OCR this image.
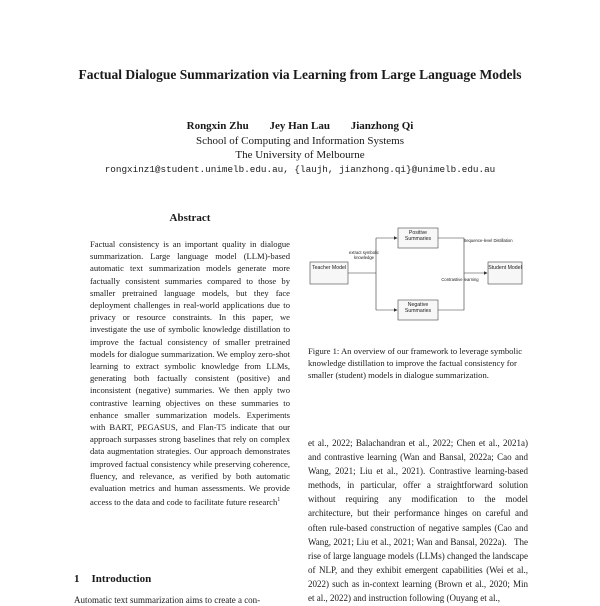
Factual Dialogue Summarization via Learning from Large Language Models
Rongxin Zhu Jey Han Lau Jianzhong Qi
School of Computing and Information Systems
The University of Melbourne
rongxinz1@student.unimelb.edu.au, {laujh, jianzhong.qi}@unimelb.edu.au
Abstract
Factual consistency is an important quality in dialogue summarization. Large language model (LLM)-based automatic text summarization models generate more factually consistent summaries compared to those by smaller pretrained language models, but they face deployment challenges in real-world applications due to privacy or resource constraints. In this paper, we investigate the use of symbolic knowledge distillation to improve the factual consistency of smaller pretrained models for dialogue summarization. We employ zero-shot learning to extract symbolic knowledge from LLMs, generating both factually consistent (positive) and inconsistent (negative) summaries. We then apply two contrastive learning objectives on these summaries to enhance smaller summarization models. Experiments with BART, PEGASUS, and Flan-T5 indicate that our approach surpasses strong baselines that rely on complex data augmentation strategies. Our approach demonstrates improved factual consistency while preserving coherence, fluency, and relevance, as verified by both automatic evaluation metrics and human assessments. We provide access to the data and code to facilitate future research$^1$
1 Introduction
Automatic text summarization aims to create a con-
Teacher Model
Positive Summaries
Negative Summaries
Student Model
extract symbolic knowledge
Sequence-level Distillation
Contrastive learning
Figure 1: An overview of our framework to leverage symbolic knowledge distillation to improve the factual consistency for smaller (student) models in dialogue summarization.
et al., 2022; Balachandran et al., 2022; Chen et al., 2021a) and contrastive learning (Wan and Bansal, 2022a; Cao and Wang, 2021; Liu et al., 2021). Contrastive learning-based methods, in particular, offer a straightforward solution without requiring any modification to the model architecture, but their performance hinges on careful and often rule-based construction of negative samples (Cao and Wang, 2021; Liu et al., 2021; Wan and Bansal, 2022a).   The rise of large language models (LLMs) changed the landscape of NLP, and they exhibit emergent capabilities (Wei et al., 2022) such as in-context learning (Brown et al., 2020; Min et al., 2022) and instruction following (Ouyang et al.,
